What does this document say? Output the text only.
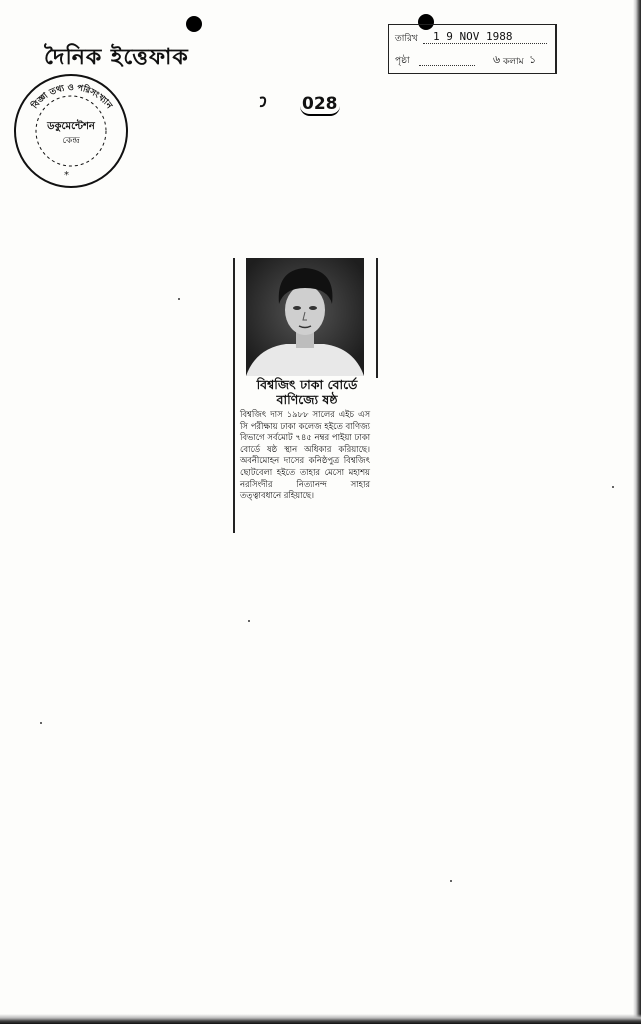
দৈনিক ইত্তেফাক
বিজ্ঞা তথ্য ও পরিসংখ্যান
ডকুমেন্টেশন
কেন্দ্র
*
028
তারিখ 1 9 NOV 1988
পৃষ্ঠা	৬ কলাম ১
বিশ্বজিৎ ঢাকা বোর্ডে
বাণিজ্যে ষষ্ঠ
বিশ্বজিৎ দাস ১৯৮৮ সালের এইচ এস সি পরীক্ষায় ঢাকা কলেজ হইতে বাণিজ্য বিভাগে সর্বমোট ৭৪৫ নম্বর পাইয়া ঢাকা বোর্ডে ষষ্ঠ স্থান অধিকার করিয়াছে। অবনীমোহন দাসের কনিষ্ঠপুত্র বিশ্বজিৎ ছোটবেলা হইতে তাহার মেসো মহাশয় নরসিংদীর নিত্যানন্দ সাহার তত্ত্বাবধানে রহিয়াছে।
